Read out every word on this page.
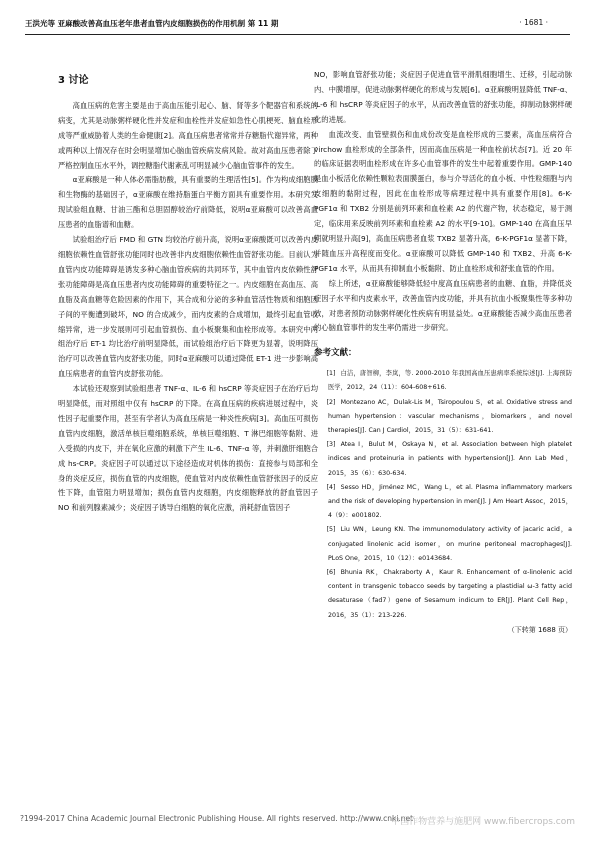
王洪光等 亚麻酸改善高血压老年患者血管内皮细胞损伤的作用机制 第 11 期	· 1681 ·
3 讨论

高血压病的危害主要是由于高血压能引起心、脑、肾等多个靶器官和系统的病变，尤其是动脉粥样硬化性并发症和血栓性并发症如急性心肌梗死、脑血栓形成等严重威胁着人类的生命健康[2]。高血压病患者常常并存糖脂代谢异常，两种或两种以上情况存在时会明显增加心脑血管疾病发病风险。故对高血压患者除了严格控制血压水平外，调控糖脂代谢紊乱可明显减少心脑血管事件的发生。

α亚麻酸是一种人体必需脂肪酸，具有重要的生理活性[5]。作为构成细胞膜和生物酶的基础因子，α亚麻酸在维持脂蛋白平衡方面具有重要作用。本研究发现试验组血糖、甘油三酯和总胆固醇较治疗前降低，说明α亚麻酸可以改善高血压患者的血脂谱和血糖。

试验组治疗后 FMD 和 GTN 均较治疗前升高，说明α亚麻酸既可以改善内皮细胞依赖性血管舒张功能同时也改善非内皮细胞依赖性血管舒张功能。目前认为血管内皮功能障碍是诱发多种心脑血管疾病的共同环节，其中血管内皮依赖性舒张功能障碍是高血压患者内皮功能障碍的重要特征之一。内皮细胞在高血压、高血脂及高血糖等危险因素的作用下，其合成和分泌的多种血管活性物质和细胞因子间的平衡遭到破坏，NO 的合成减少，而内皮素的合成增加，最终引起血管收缩异常，进一步发展则可引起血管损伤、血小板聚集和血栓形成等。本研究中两组治疗后 ET-1 均比治疗前明显降低，而试验组治疗后下降更为显著，说明降压治疗可以改善血管内皮舒张功能，同时α亚麻酸可以通过降低 ET-1 进一步影响高血压病患者的血管内皮舒张功能。

本试验还观察到试验组患者 TNF-α、IL-6 和 hsCRP 等炎症因子在治疗后均明显降低，而对照组中仅有 hsCRP 的下降。在高血压病的疾病进展过程中，炎性因子起重要作用，甚至有学者认为高血压病是一种炎性疾病[3]。高血压可损伤血管内皮细胞，激活单核巨噬细胞系统，单核巨噬细胞、T 淋巴细胞等黏附、进入受损的内皮下，并在氧化应激的刺激下产生 IL-6、TNF-α 等，并刺激肝细胞合成 hs-CRP。炎症因子可以通过以下途径造成对机体的损伤：直接参与局部和全身的炎症反应，损伤血管的内皮细胞，使血管对内皮依赖性血管舒张因子的反应性下降，血管阻力明显增加；损伤血管内皮细胞，内皮细胞释放的舒血管因子 NO 和前列腺素减少；炎症因子诱导白细胞的氧化应激，消耗舒血管因子

NO，影响血管舒张功能；炎症因子促进血管平滑肌细胞增生、迁移，引起动脉内、中膜增厚，促进动脉粥样硬化的形成与发展[6]。α亚麻酸明显降低 TNF-α、IL-6 和 hsCRP 等炎症因子的水平，从而改善血管的舒张功能，抑制动脉粥样硬化的进展。

血流改变、血管壁损伤和血成份改变是血栓形成的三要素，高血压病符合 virchow 血栓形成的全部条件，因而高血压病是一种血栓前状态[7]。近 20 年的临床证据表明血栓形成在许多心血管事件的发生中起着重要作用。GMP-140 是血小板活化依赖性颗粒表面膜蛋白，参与介导活化的血小板、中性粒细胞与内皮细胞的黏附过程，因此在血栓形成等病理过程中具有重要作用[8]。6-K-PGF1α 和 TXB2 分别是前列环素和血栓素 A2 的代谢产物，状态稳定，易于测定，临床用来反映前列环素和血栓素 A2 的水平[9-10]。GMP-140 在高血压早期就明显升高[9]，高血压病患者血浆 TXB2 显著升高，6-K-PGF1α 显著下降，并随血压升高程度而变化。α亚麻酸可以降低 GMP-140 和 TXB2、升高 6-K-PGF1α 水平，从而具有抑制血小板黏附、防止血栓形成和舒张血管的作用。

综上所述，α亚麻酸能够降低轻中度高血压病患者的血糖、血脂，并降低炎症因子水平和内皮素水平，改善血管内皮功能，并具有抗血小板聚集性等多种功效，对患者预防动脉粥样硬化性疾病有明显益处。α亚麻酸能否减少高血压患者的心脑血管事件的发生率仍需进一步研究。

参考文献：

[1] 白洁，唐智柳，李岚，等. 2000-2010 年我国高血压患病率系统综述[J]. 上海预防医学，2012，24（11）：604-608+616.

[2] Montezano AC，Dulak-Lis M，Tsiropoulou S，et al. Oxidative stress and human hypertension：vascular mechanisms，biomarkers，and novel therapies[J]. Can J Cardiol，2015，31（5）：631-641.

[3] Atea I，Bulut M，Oskaya N，et al. Association between high platelet indices and proteinuria in patients with hypertension[J]. Ann Lab Med，2015，35（6）：630-634.

[4] Sesso HD，Jiménez MC，Wang L，et al. Plasma inflammatory markers and the risk of developing hypertension in men[J]. J Am Heart Assoc，2015，4（9）：e001802.

[5] Liu WN，Leung KN. The immunomodulatory activity of jacaric acid，a conjugated linolenic acid isomer，on murine peritoneal macrophages[J]. PLoS One，2015，10（12）：e0143684.

[6] Bhunia RK，Chakraborty A，Kaur R. Enhancement of α-linolenic acid content in transgenic tobacco seeds by targeting a plastidial ω-3 fatty acid desaturase（fad7）gene of Sesamum indicum to ER[J]. Plant Cell Rep，2016，35（1）：213-226.

（下转第 1688 页）
?1994-2017 China Academic Journal Electronic Publishing House. All rights reserved. http://www.cnki.net
中国作物营养与施肥网 www.fibercrops.com
